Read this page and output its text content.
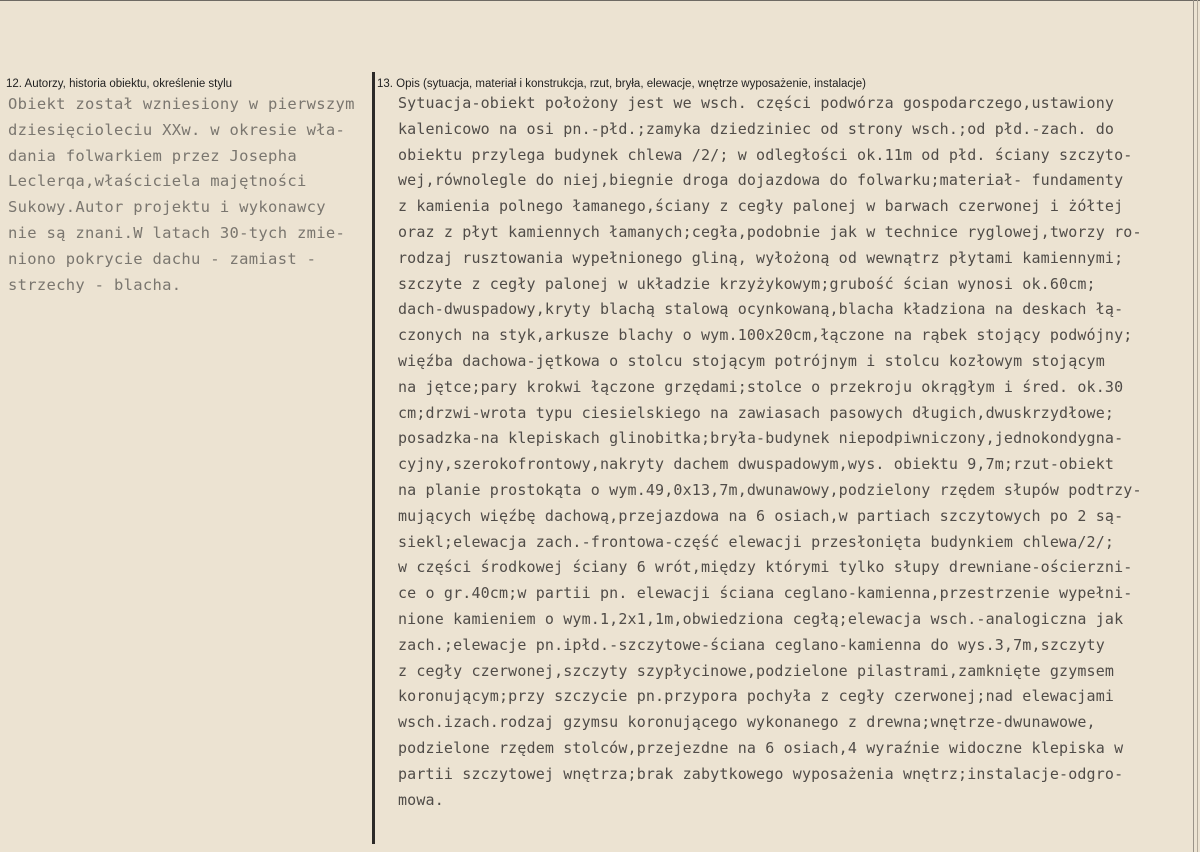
12. Autorzy, historia obiektu, określenie stylu	13. Opis (sytuacja, materiał i konstrukcja, rzut, bryła, elewacje, wnętrze wyposażenie, instalacje)
Obiekt został wzniesiony w pierwszym
dziesięcioleciu XXw. w okresie wła-
dania folwarkiem przez Josepha
Leclerqa,właściciela majętności
Sukowy.Autor projektu i wykonawcy
nie są znani.W latach 30-tych zmie-
niono pokrycie dachu - zamiast -
strzechy - blacha.
Sytuacja-obiekt położony jest we wsch. części podwórza gospodarczego,ustawiony
kalenicowo na osi pn.-płd.;zamyka dziedziniec od strony wsch.;od płd.-zach. do
obiektu przylega budynek chlewa /2/; w odległości ok.11m od płd. ściany szczyto-
wej,równolegle do niej,biegnie droga dojazdowa do folwarku;materiał- fundamenty
z kamienia polnego łamanego,ściany z cegły palonej w barwach czerwonej i żółtej
oraz z płyt kamiennych łamanych;cegła,podobnie jak w technice ryglowej,tworzy ro-
rodzaj rusztowania wypełnionego gliną, wyłożoną od wewnątrz płytami kamiennymi;
szczyte z cegły palonej w układzie krzyżykowym;grubość ścian wynosi ok.60cm;
dach-dwuspadowy,kryty blachą stalową ocynkowaną,blacha kładziona na deskach łą-
czonych na styk,arkusze blachy o wym.100x20cm,łączone na rąbek stojący podwójny;
więźba dachowa-jętkowa o stolcu stojącym potrójnym i stolcu kozłowym stojącym
na jętce;pary krokwi łączone grzędami;stolce o przekroju okrągłym i śred. ok.30
cm;drzwi-wrota typu ciesielskiego na zawiasach pasowych długich,dwuskrzydłowe;
posadzka-na klepiskach glinobitka;bryła-budynek niepodpiwniczony,jednokondygna-
cyjny,szerokofrontowy,nakryty dachem dwuspadowym,wys. obiektu 9,7m;rzut-obiekt
na planie prostokąta o wym.49,0x13,7m,dwunawowy,podzielony rzędem słupów podtrzy-
mujących więźbę dachową,przejazdowa na 6 osiach,w partiach szczytowych po 2 są-
siekl;elewacja zach.-frontowa-część elewacji przesłonięta budynkiem chlewa/2/;
w części środkowej ściany 6 wrót,między którymi tylko słupy drewniane-ościerzni-
ce o gr.40cm;w partii pn. elewacji ściana ceglano-kamienna,przestrzenie wypełni-
nione kamieniem o wym.1,2x1,1m,obwiedziona cegłą;elewacja wsch.-analogiczna jak
zach.;elewacje pn.ipłd.-szczytowe-ściana ceglano-kamienna do wys.3,7m,szczyty
z cegły czerwonej,szczyty szypłycinowe,podzielone pilastrami,zamknięte gzymsem
koronującym;przy szczycie pn.przypora pochyła z cegły czerwonej;nad elewacjami
wsch.izach.rodzaj gzymsu koronującego wykonanego z drewna;wnętrze-dwunawowe,
podzielone rzędem stolców,przejezdne na 6 osiach,4 wyraźnie widoczne klepiska w
partii szczytowej wnętrza;brak zabytkowego wyposażenia wnętrz;instalacje-odgro-
mowa.
